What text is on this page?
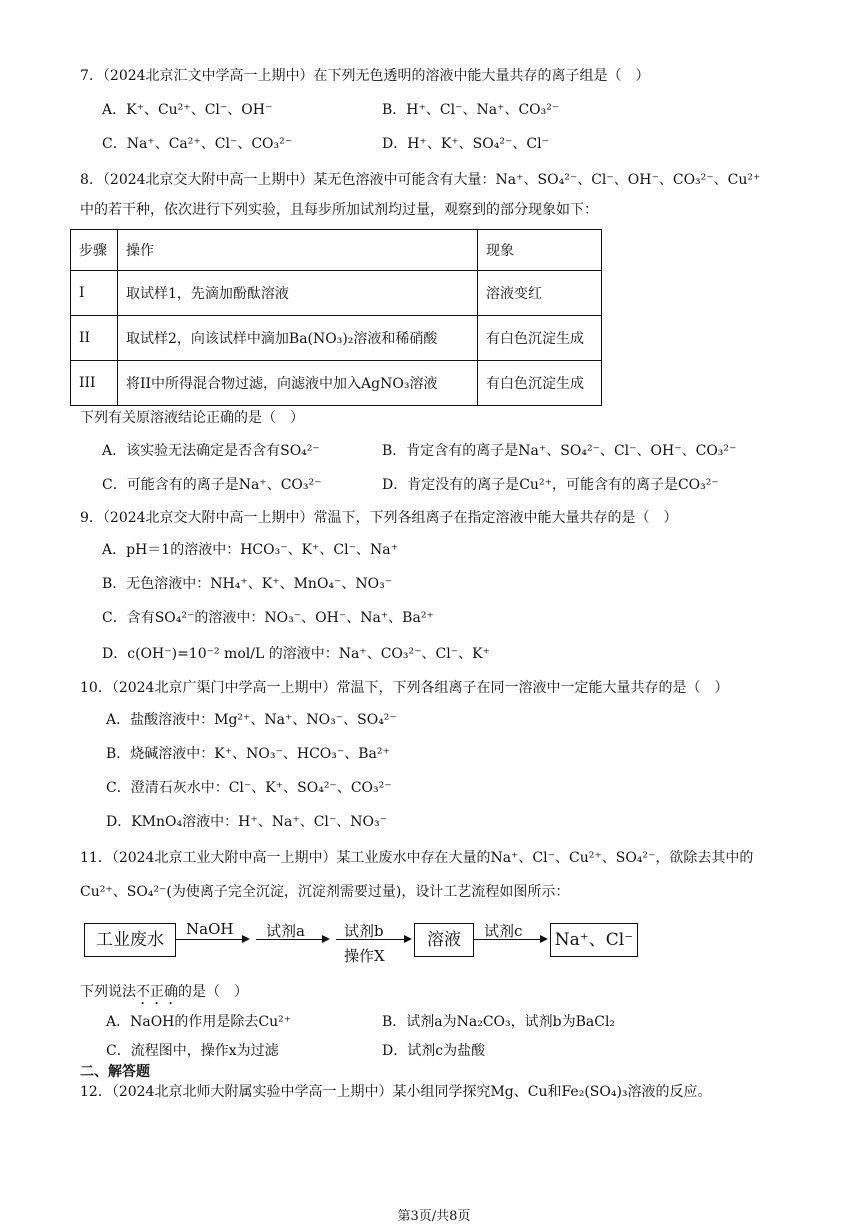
7．（2024北京汇文中学高一上期中）在下列无色透明的溶液中能大量共存的离子组是（　）
A．K⁺、Cu²⁺、Cl⁻、OH⁻	B．H⁺、Cl⁻、Na⁺、CO₃²⁻
C．Na⁺、Ca²⁺、Cl⁻、CO₃²⁻	D．H⁺、K⁺、SO₄²⁻、Cl⁻
8．（2024北京交大附中高一上期中）某无色溶液中可能含有大量：Na⁺、SO₄²⁻、Cl⁻、OH⁻、CO₃²⁻、Cu²⁺
中的若干种，依次进行下列实验，且每步所加试剂均过量，观察到的部分现象如下：
步骤	操作	现象
I	取试样1，先滴加酚酞溶液	溶液变红
II	取试样2，向该试样中滴加Ba(NO₃)₂溶液和稀硝酸	有白色沉淀生成
III	将II中所得混合物过滤，向滤液中加入AgNO₃溶液	有白色沉淀生成
下列有关原溶液结论正确的是（　）
A．该实验无法确定是否含有SO₄²⁻	B．肯定含有的离子是Na⁺、SO₄²⁻、Cl⁻、OH⁻、CO₃²⁻
C．可能含有的离子是Na⁺、CO₃²⁻	D．肯定没有的离子是Cu²⁺，可能含有的离子是CO₃²⁻
9．（2024北京交大附中高一上期中）常温下，下列各组离子在指定溶液中能大量共存的是（　）
A．pH＝1的溶液中：HCO₃⁻、K⁺、Cl⁻、Na⁺
B．无色溶液中：NH₄⁺、K⁺、MnO₄⁻、NO₃⁻
C．含有SO₄²⁻的溶液中：NO₃⁻、OH⁻、Na⁺、Ba²⁺
D．c(OH⁻)=10⁻² mol/L 的溶液中：Na⁺、CO₃²⁻、Cl⁻、K⁺
10．（2024北京广渠门中学高一上期中）常温下，下列各组离子在同一溶液中一定能大量共存的是（　）
A．盐酸溶液中：Mg²⁺、Na⁺、NO₃⁻、SO₄²⁻
B．烧碱溶液中：K⁺、NO₃⁻、HCO₃⁻、Ba²⁺
C．澄清石灰水中：Cl⁻、K⁺、SO₄²⁻、CO₃²⁻
D．KMnO₄溶液中：H⁺、Na⁺、Cl⁻、NO₃⁻
11．（2024北京工业大附中高一上期中）某工业废水中存在大量的Na⁺、Cl⁻、Cu²⁺、SO₄²⁻，欲除去其中的
Cu²⁺、SO₄²⁻(为使离子完全沉淀，沉淀剂需要过量)，设计工艺流程如图所示：
工业废水
NaOH 试剂a	试剂b
操作X
溶液	试剂c Na⁺、Cl⁻
下列说法不正确的是（　）
A．NaOH的作用是除去Cu²⁺	B．试剂a为Na₂CO₃，试剂b为BaCl₂
C．流程图中，操作x为过滤	D．试剂c为盐酸
二、解答题
12．（2024北京北师大附属实验中学高一上期中）某小组同学探究Mg、Cu和Fe₂(SO₄)₃溶液的反应。
第3页/共8页
